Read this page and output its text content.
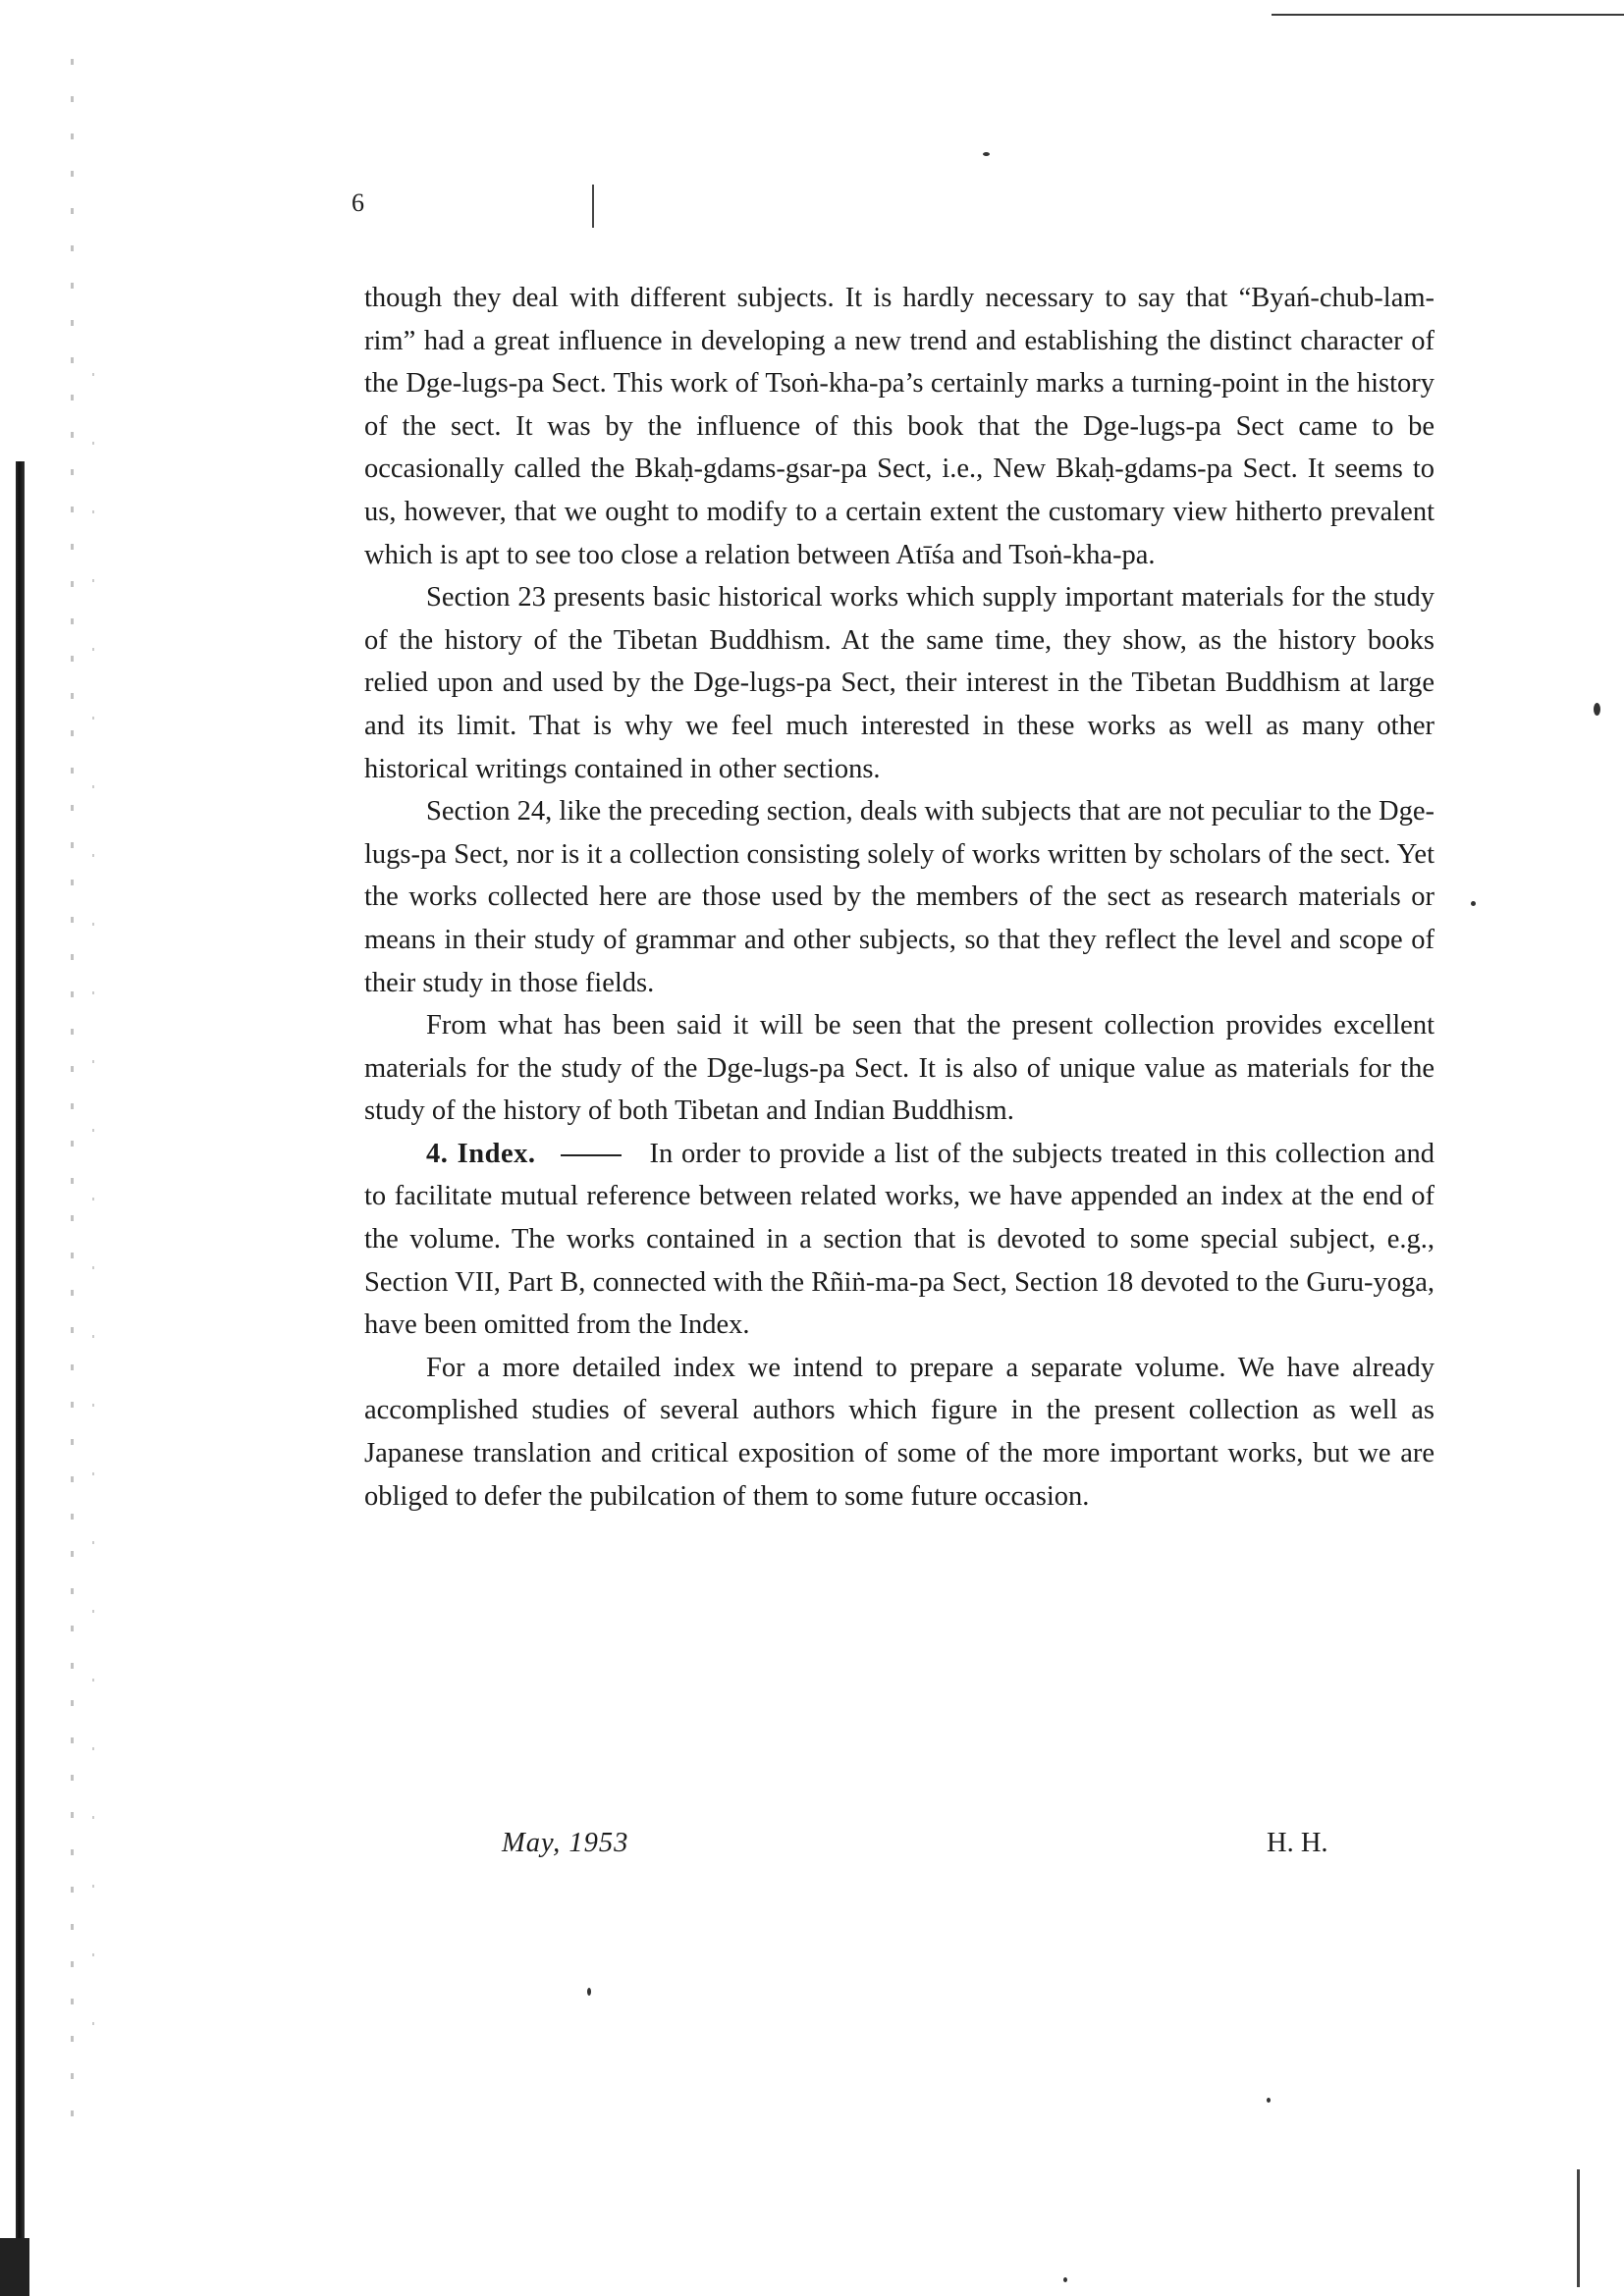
6

though they deal with different subjects. It is hardly necessary to say that “Byań-chub-lam-rim” had a great influence in developing a new trend and establishing the distinct character of the Dge-lugs-pa Sect. This work of Tsoṅ-kha-pa’s certainly marks a turning-point in the history of the sect. It was by the influence of this book that the Dge-lugs-pa Sect came to be occasionally called the Bkaḥ-gdams-gsar-pa Sect, i.e., New Bkaḥ-gdams-pa Sect. It seems to us, however, that we ought to modify to a certain extent the customary view hitherto prevalent which is apt to see too close a relation between Atīśa and Tsoṅ-kha-pa.

Section 23 presents basic historical works which supply important materials for the study of the history of the Tibetan Buddhism. At the same time, they show, as the history books relied upon and used by the Dge-lugs-pa Sect, their interest in the Tibetan Buddhism at large and its limit. That is why we feel much interested in these works as well as many other historical writings contained in other sections.

Section 24, like the preceding section, deals with subjects that are not peculiar to the Dge-lugs-pa Sect, nor is it a collection consisting solely of works written by scholars of the sect. Yet the works collected here are those used by the members of the sect as research materials or means in their study of grammar and other subjects, so that they reflect the level and scope of their study in those fields.

From what has been said it will be seen that the present collection provides excellent materials for the study of the Dge-lugs-pa Sect. It is also of unique value as materials for the study of the history of both Tibetan and Indian Buddhism.

4. Index.	In order to provide a list of the subjects treated in this collection and to facilitate mutual reference between related works, we have appended an index at the end of the volume. The works contained in a section that is devoted to some special subject, e.g., Section VII, Part B, connected with the Rñiṅ-ma-pa Sect, Section 18 devoted to the Guru-yoga, have been omitted from the Index.

For a more detailed index we intend to prepare a separate volume. We have already accomplished studies of several authors which figure in the present collection as well as Japanese translation and critical exposition of some of the more important works, but we are obliged to defer the pubilcation of them to some future occasion.

May, 1953	H. H.
